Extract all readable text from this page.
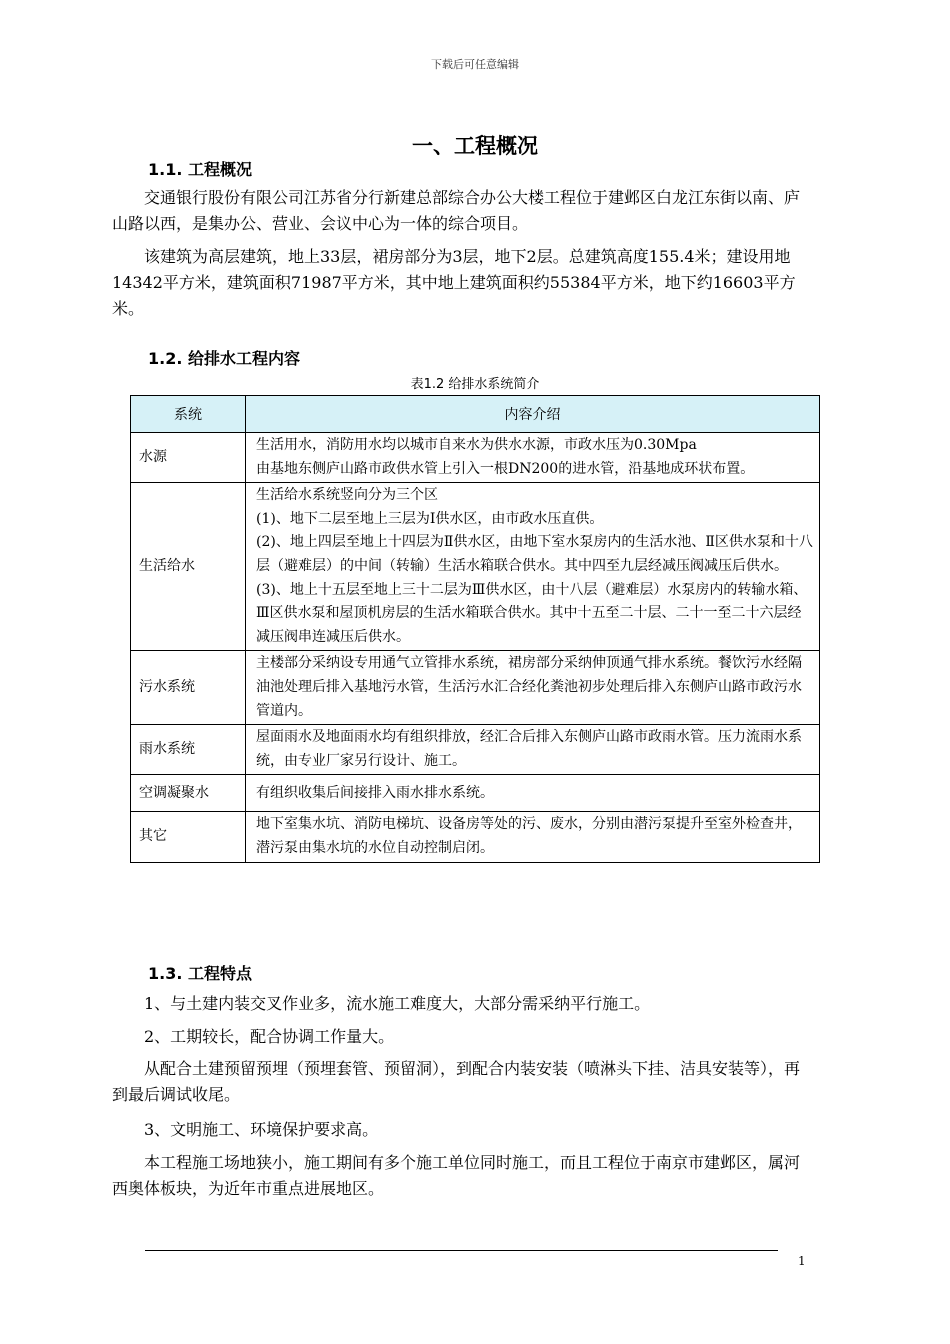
下载后可任意编辑
一、工程概况
1.1. 工程概况
交通银行股份有限公司江苏省分行新建总部综合办公大楼工程位于建邺区白龙江东街以南、庐山路以西，是集办公、营业、会议中心为一体的综合项目。
该建筑为高层建筑，地上33层，裙房部分为3层，地下2层。总建筑高度155.4米；建设用地14342平方米，建筑面积71987平方米，其中地上建筑面积约55384平方米，地下约16603平方米。
1.2. 给排水工程内容
表1.2 给排水系统简介
系统	内容介绍
水源	生活用水，消防用水均以城市自来水为供水水源，市政水压为0.30Mpa
由基地东侧庐山路市政供水管上引入一根DN200的进水管，沿基地成环状布置。

生活给水	生活给水系统竖向分为三个区
(1)、地下二层至地上三层为Ⅰ供水区，由市政水压直供。
(2)、地上四层至地上十四层为Ⅱ供水区，由地下室水泵房内的生活水池、Ⅱ区供水泵和十八层（避难层）的中间（转输）生活水箱联合供水。其中四至九层经减压阀减压后供水。
(3)、地上十五层至地上三十二层为Ⅲ供水区，由十八层（避难层）水泵房内的转输水箱、Ⅲ区供水泵和屋顶机房层的生活水箱联合供水。其中十五至二十层、二十一至二十六层经减压阀串连减压后供水。

污水系统	主楼部分采纳设专用通气立管排水系统，裙房部分采纳伸顶通气排水系统。餐饮污水经隔油池处理后排入基地污水管，生活污水汇合经化粪池初步处理后排入东侧庐山路市政污水管道内。

雨水系统	屋面雨水及地面雨水均有组织排放，经汇合后排入东侧庐山路市政雨水管。压力流雨水系统，由专业厂家另行设计、施工。

空调凝聚水	有组织收集后间接排入雨水排水系统。

其它	地下室集水坑、消防电梯坑、设备房等处的污、废水，分别由潜污泵提升至室外检查井，潜污泵由集水坑的水位自动控制启闭。
1.3. 工程特点
1、与土建内装交叉作业多，流水施工难度大，大部分需采纳平行施工。
2、工期较长，配合协调工作量大。
从配合土建预留预埋（预埋套管、预留洞），到配合内装安装（喷淋头下挂、洁具安装等），再到最后调试收尾。
3、文明施工、环境保护要求高。
本工程施工场地狭小，施工期间有多个施工单位同时施工，而且工程位于南京市建邺区，属河西奥体板块，为近年市重点进展地区。
1
